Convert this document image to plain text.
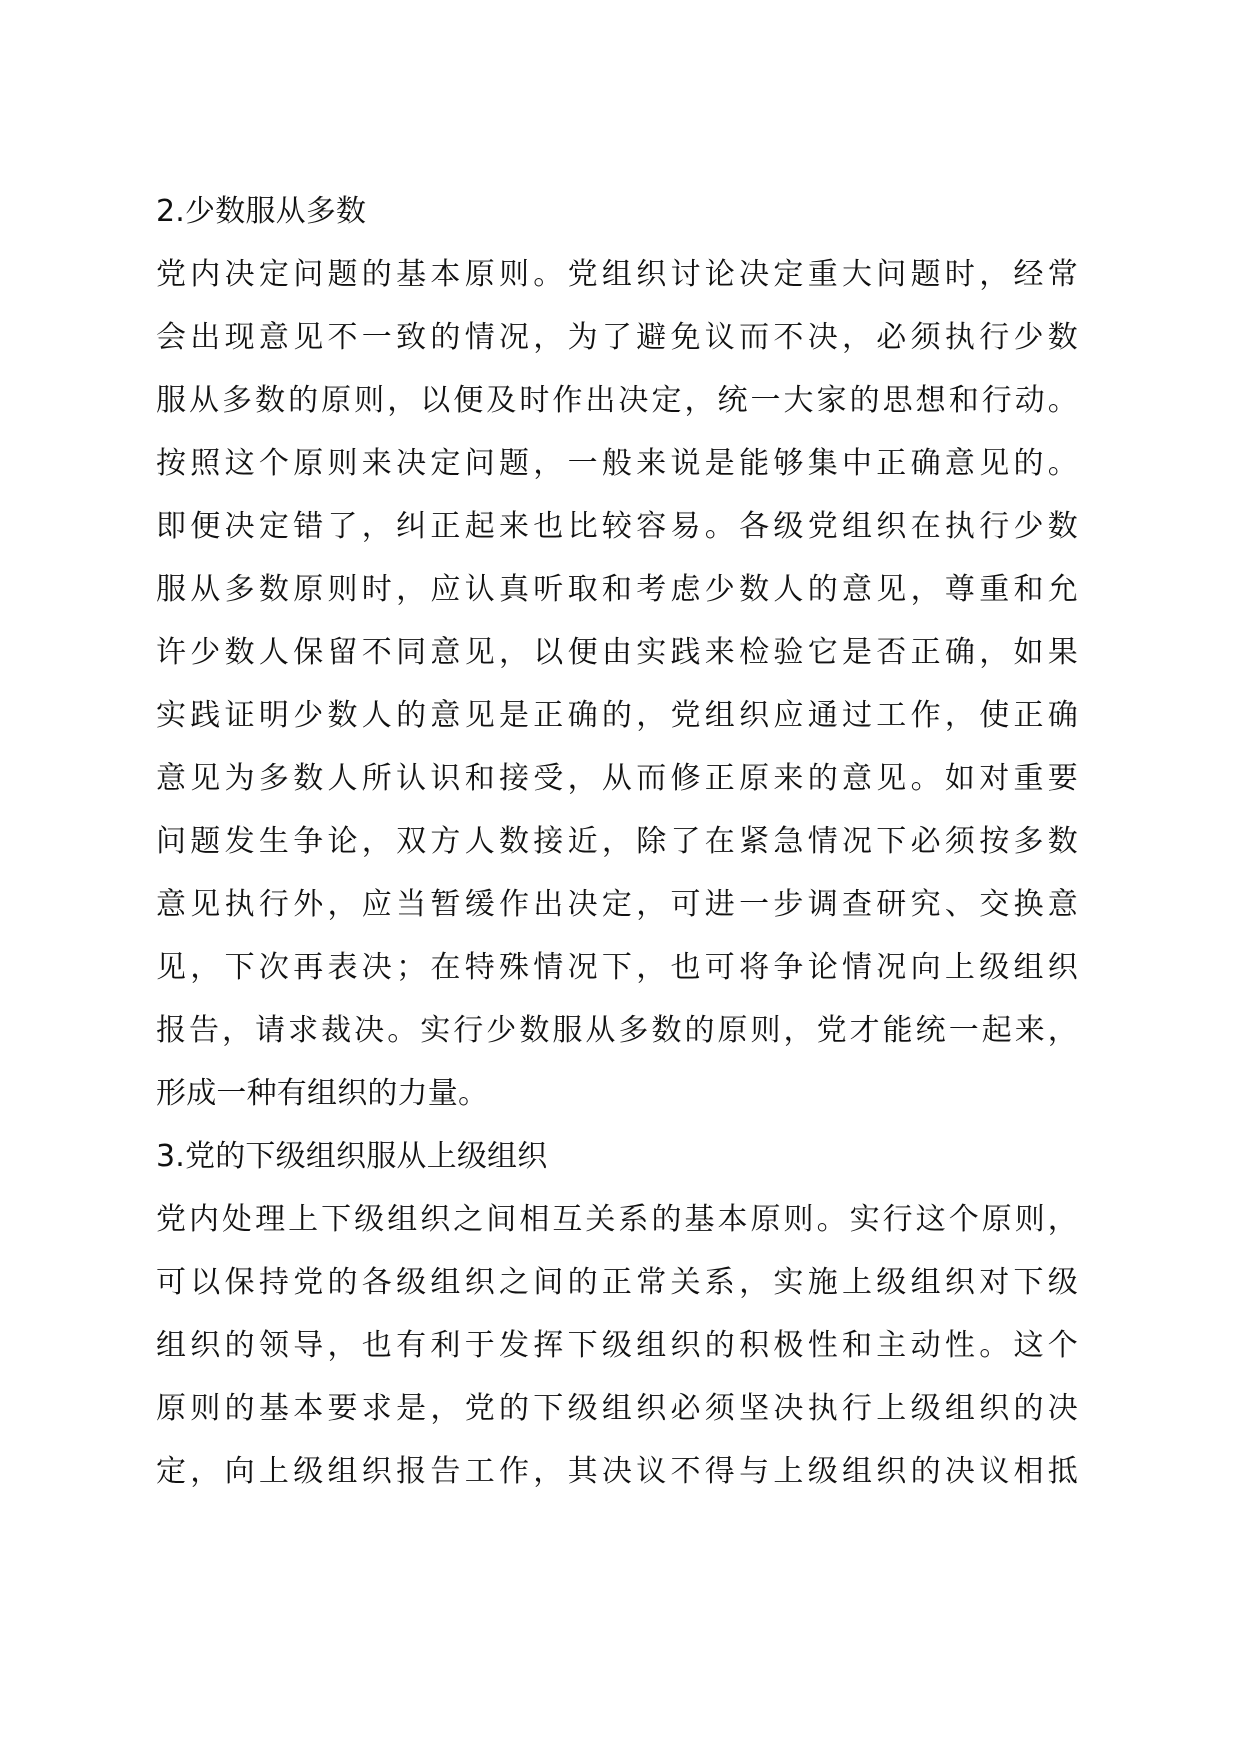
2.少数服从多数
党内决定问题的基本原则。党组织讨论决定重大问题时，经常
会出现意见不一致的情况，为了避免议而不决，必须执行少数
服从多数的原则，以便及时作出决定，统一大家的思想和行动。
按照这个原则来决定问题，一般来说是能够集中正确意见的。
即便决定错了，纠正起来也比较容易。各级党组织在执行少数
服从多数原则时，应认真听取和考虑少数人的意见，尊重和允
许少数人保留不同意见，以便由实践来检验它是否正确，如果
实践证明少数人的意见是正确的，党组织应通过工作，使正确
意见为多数人所认识和接受，从而修正原来的意见。如对重要
问题发生争论，双方人数接近，除了在紧急情况下必须按多数
意见执行外，应当暂缓作出决定，可进一步调查研究、交换意
见，下次再表决；在特殊情况下，也可将争论情况向上级组织
报告，请求裁决。实行少数服从多数的原则，党才能统一起来，
形成一种有组织的力量。
3.党的下级组织服从上级组织
党内处理上下级组织之间相互关系的基本原则。实行这个原则，
可以保持党的各级组织之间的正常关系，实施上级组织对下级
组织的领导，也有利于发挥下级组织的积极性和主动性。这个
原则的基本要求是，党的下级组织必须坚决执行上级组织的决
定，向上级组织报告工作，其决议不得与上级组织的决议相抵
